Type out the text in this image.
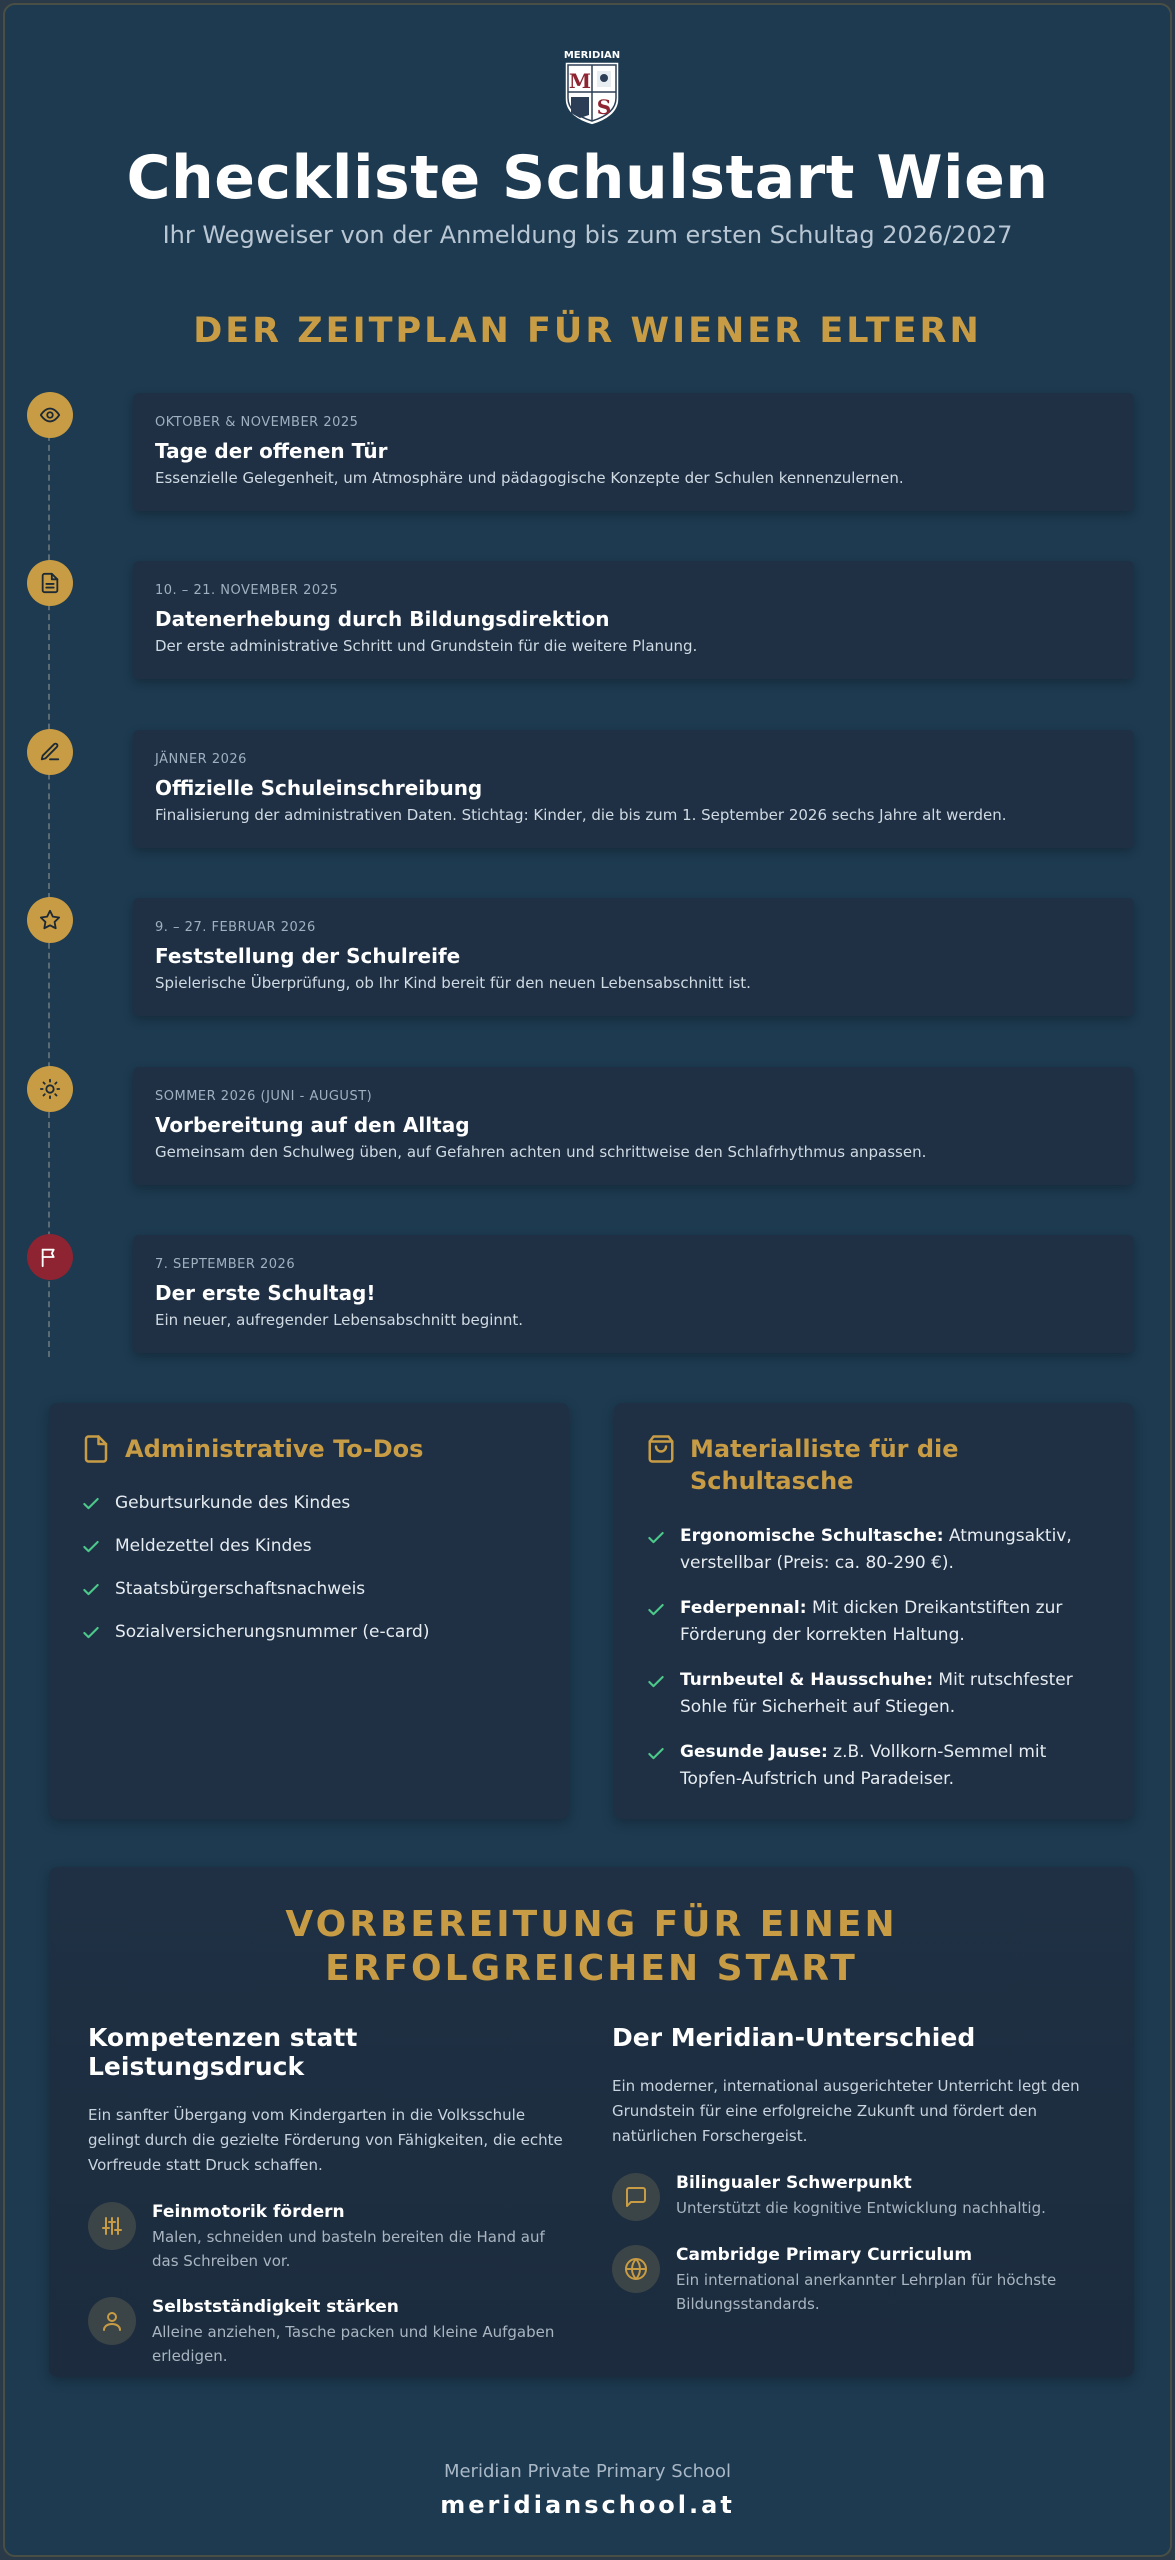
MERIDIAN
M
S
Checkliste Schulstart Wien
Ihr Wegweiser von der Anmeldung bis zum ersten Schultag 2026/2027
DER ZEITPLAN FÜR WIENER ELTERN
OKTOBER & NOVEMBER 2025
Tage der offenen Tür
Essenzielle Gelegenheit, um Atmosphäre und pädagogische Konzepte der Schulen kennenzulernen.
10. – 21. NOVEMBER 2025
Datenerhebung durch Bildungsdirektion
Der erste administrative Schritt und Grundstein für die weitere Planung.
JÄNNER 2026
Offizielle Schuleinschreibung
Finalisierung der administrativen Daten. Stichtag: Kinder, die bis zum 1. September 2026 sechs Jahre alt werden.
9. – 27. FEBRUAR 2026
Feststellung der Schulreife
Spielerische Überprüfung, ob Ihr Kind bereit für den neuen Lebensabschnitt ist.
SOMMER 2026 (JUNI - AUGUST)
Vorbereitung auf den Alltag
Gemeinsam den Schulweg üben, auf Gefahren achten und schrittweise den Schlafrhythmus anpassen.
7. SEPTEMBER 2026
Der erste Schultag!
Ein neuer, aufregender Lebensabschnitt beginnt.
Administrative To-Dos
Geburtsurkunde des Kindes
Meldezettel des Kindes
Staatsbürgerschaftsnachweis
Sozialversicherungsnummer (e-card)
Materialliste für die Schultasche
Ergonomische Schultasche: Atmungsaktiv, verstellbar (Preis: ca. 80-290 €).
Federpennal: Mit dicken Dreikantstiften zur Förderung der korrekten Haltung.
Turnbeutel & Hausschuhe: Mit rutschfester Sohle für Sicherheit auf Stiegen.
Gesunde Jause: z.B. Vollkorn-Semmel mit Topfen-Aufstrich und Paradeiser.
VORBEREITUNG FÜR EINEN ERFOLGREICHEN START
Kompetenzen statt Leistungsdruck
Ein sanfter Übergang vom Kindergarten in die Volksschule gelingt durch die gezielte Förderung von Fähigkeiten, die echte Vorfreude statt Druck schaffen.
Feinmotorik fördern
Malen, schneiden und basteln bereiten die Hand auf das Schreiben vor.
Selbstständigkeit stärken
Alleine anziehen, Tasche packen und kleine Aufgaben erledigen.
Der Meridian-Unterschied
Ein moderner, international ausgerichteter Unterricht legt den Grundstein für eine erfolgreiche Zukunft und fördert den natürlichen Forschergeist.
Bilingualer Schwerpunkt
Unterstützt die kognitive Entwicklung nachhaltig.
Cambridge Primary Curriculum
Ein international anerkannter Lehrplan für höchste Bildungsstandards.
Meridian Private Primary School
meridianschool.at
